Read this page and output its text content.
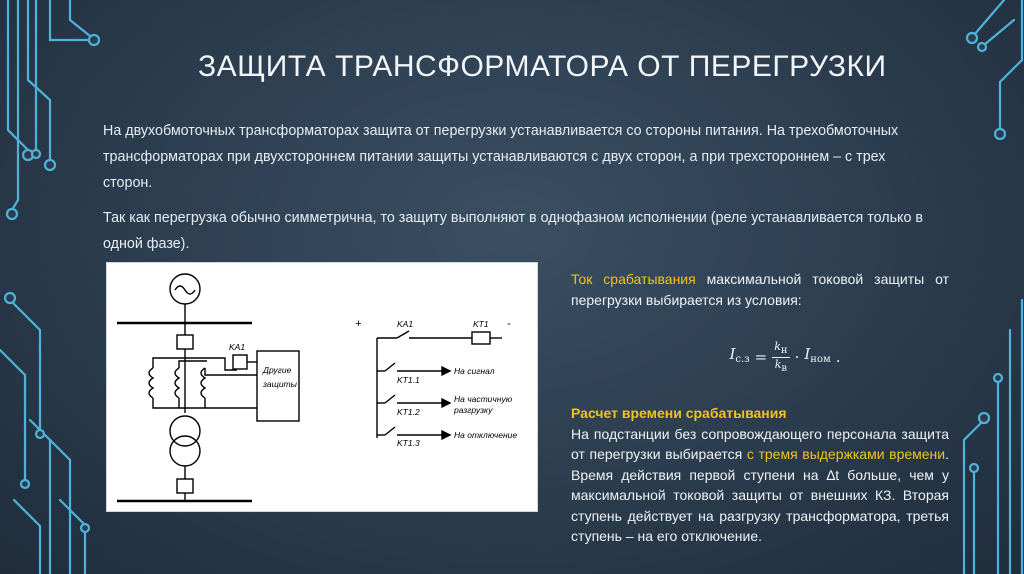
ЗАЩИТА ТРАНСФОРМАТОРА ОТ ПЕРЕГРУЗКИ

На двухобмоточных трансформаторах защита от перегрузки устанавливается со стороны питания. На трехобмоточных трансформаторах при двухстороннем питании защиты устанавливаются с двух сторон, а при трехстороннем – с трех сторон.

Так как перегрузка обычно симметрична, то защиту выполняют в однофазном исполнении (реле устанавливается только в одной фазе).

KA1
Другие
защиты
+	-
KA1	KT1
KT1.1
KT1.2
KT1.3
На сигнал
На частичную
разгрузку
На отключение
Ток срабатывания максимальной токовой защиты от перегрузки выбирается из условия:
$I_{с.з} = \frac{kн}{kв} \cdot I_{ном}$ .

Расчет времени срабатывания

На подстанции без сопровождающего персонала защита от перегрузки выбирается с тремя выдержками времени. Время действия первой ступени на ∆t больше, чем у максимальной токовой защиты от внешних КЗ. Вторая ступень действует на разгрузку трансформатора, третья ступень – на его отключение.
